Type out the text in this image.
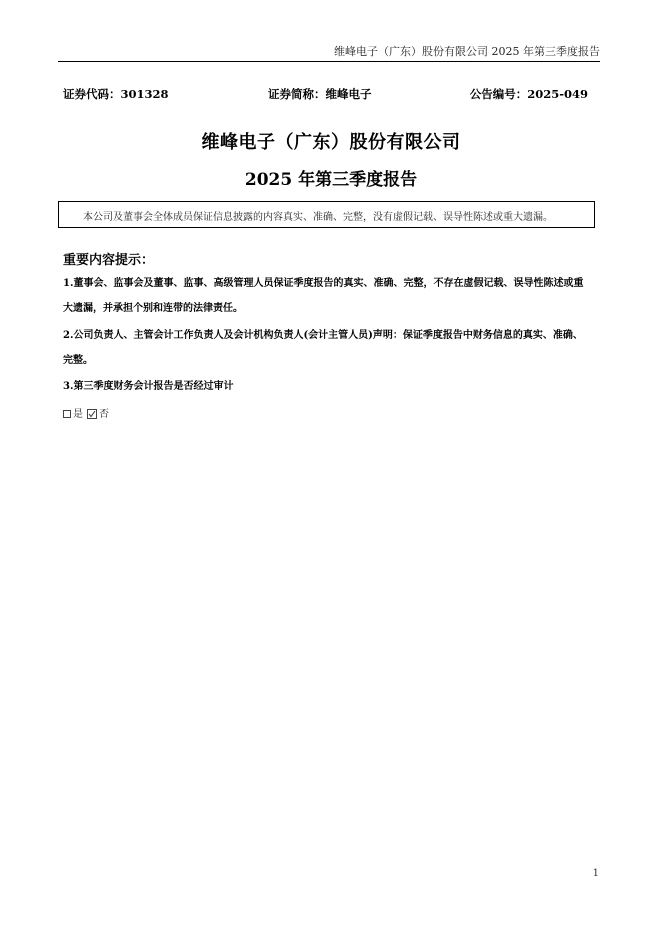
维峰电子（广东）股份有限公司 2025 年第三季度报告
证券代码：301328	证券简称：维峰电子	公告编号：2025-049
维峰电子（广东）股份有限公司
2025 年第三季度报告
本公司及董事会全体成员保证信息披露的内容真实、准确、完整，没有虚假记载、误导性陈述或重大遗漏。
重要内容提示：
1.董事会、监事会及董事、监事、高级管理人员保证季度报告的真实、准确、完整，不存在虚假记载、误导性陈述或重
大遗漏，并承担个别和连带的法律责任。
2.公司负责人、主管会计工作负责人及会计机构负责人(会计主管人员)声明：保证季度报告中财务信息的真实、准确、
完整。
3.第三季度财务会计报告是否经过审计
是 否
1
